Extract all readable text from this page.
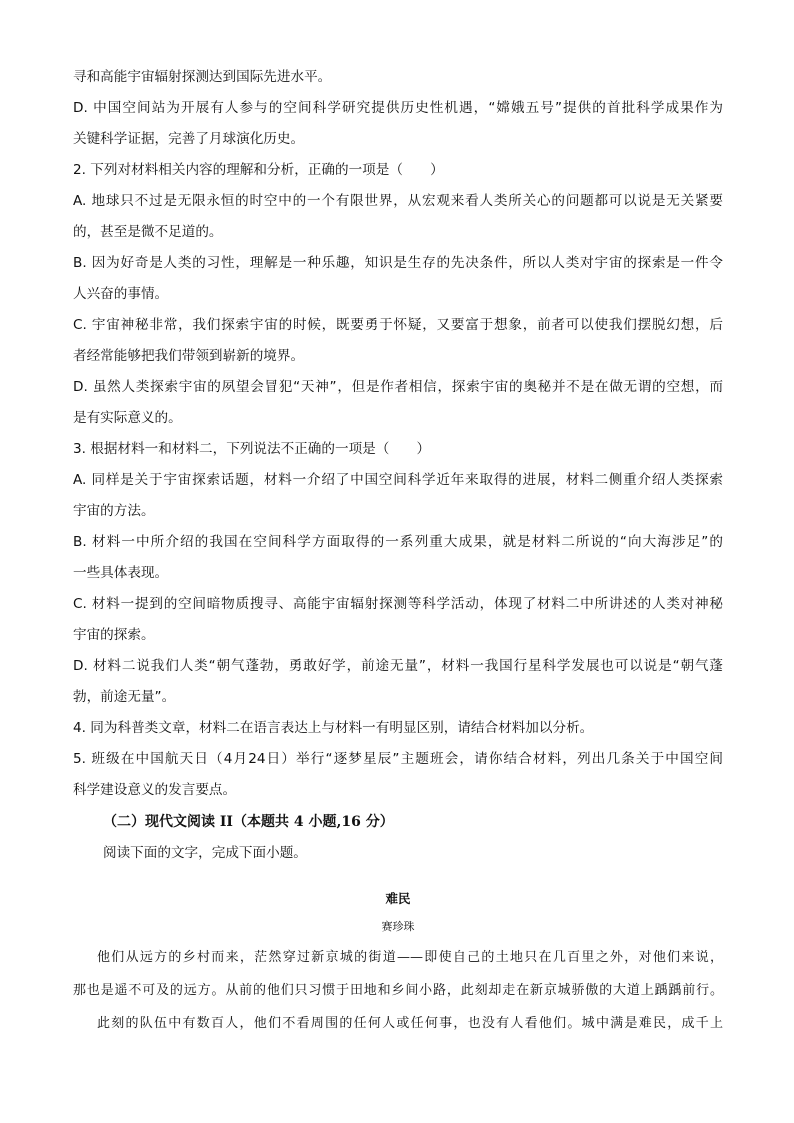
寻和高能宇宙辐射探测达到国际先进水平。
D. 中国空间站为开展有人参与的空间科学研究提供历史性机遇，“嫦娥五号”提供的首批科学成果作为
关键科学证据，完善了月球演化历史。
2. 下列对材料相关内容的理解和分析，正确的一项是（　　）
A. 地球只不过是无限永恒的时空中的一个有限世界，从宏观来看人类所关心的问题都可以说是无关紧要
的，甚至是微不足道的。
B. 因为好奇是人类的习性，理解是一种乐趣，知识是生存的先决条件，所以人类对宇宙的探索是一件令
人兴奋的事情。
C. 宇宙神秘非常，我们探索宇宙的时候，既要勇于怀疑，又要富于想象，前者可以使我们摆脱幻想，后
者经常能够把我们带领到崭新的境界。
D. 虽然人类探索宇宙的夙望会冒犯“天神”，但是作者相信，探索宇宙的奥秘并不是在做无谓的空想，而
是有实际意义的。
3. 根据材料一和材料二，下列说法不正确的一项是（　　）
A. 同样是关于宇宙探索话题，材料一介绍了中国空间科学近年来取得的进展，材料二侧重介绍人类探索
宇宙的方法。
B. 材料一中所介绍的我国在空间科学方面取得的一系列重大成果，就是材料二所说的“向大海涉足”的
一些具体表现。
C. 材料一提到的空间暗物质搜寻、高能宇宙辐射探测等科学活动，体现了材料二中所讲述的人类对神秘
宇宙的探索。
D. 材料二说我们人类“朝气蓬勃，勇敢好学，前途无量”，材料一我国行星科学发展也可以说是“朝气蓬
勃，前途无量”。
4. 同为科普类文章，材料二在语言表达上与材料一有明显区别，请结合材料加以分析。
5. 班级在中国航天日（4月24日）举行“逐梦星辰”主题班会，请你结合材料，列出几条关于中国空间
科学建设意义的发言要点。
（二）现代文阅读 II（本题共 4 小题,16 分）
阅读下面的文字，完成下面小题。
难民
赛珍珠
他们从远方的乡村而来，茫然穿过新京城的街道——即使自己的土地只在几百里之外，对他们来说，
那也是遥不可及的远方。从前的他们只习惯于田地和乡间小路，此刻却走在新京城骄傲的大道上踽踽前行。
此刻的队伍中有数百人，他们不看周围的任何人或任何事，也没有人看他们。城中满是难民，成千上
